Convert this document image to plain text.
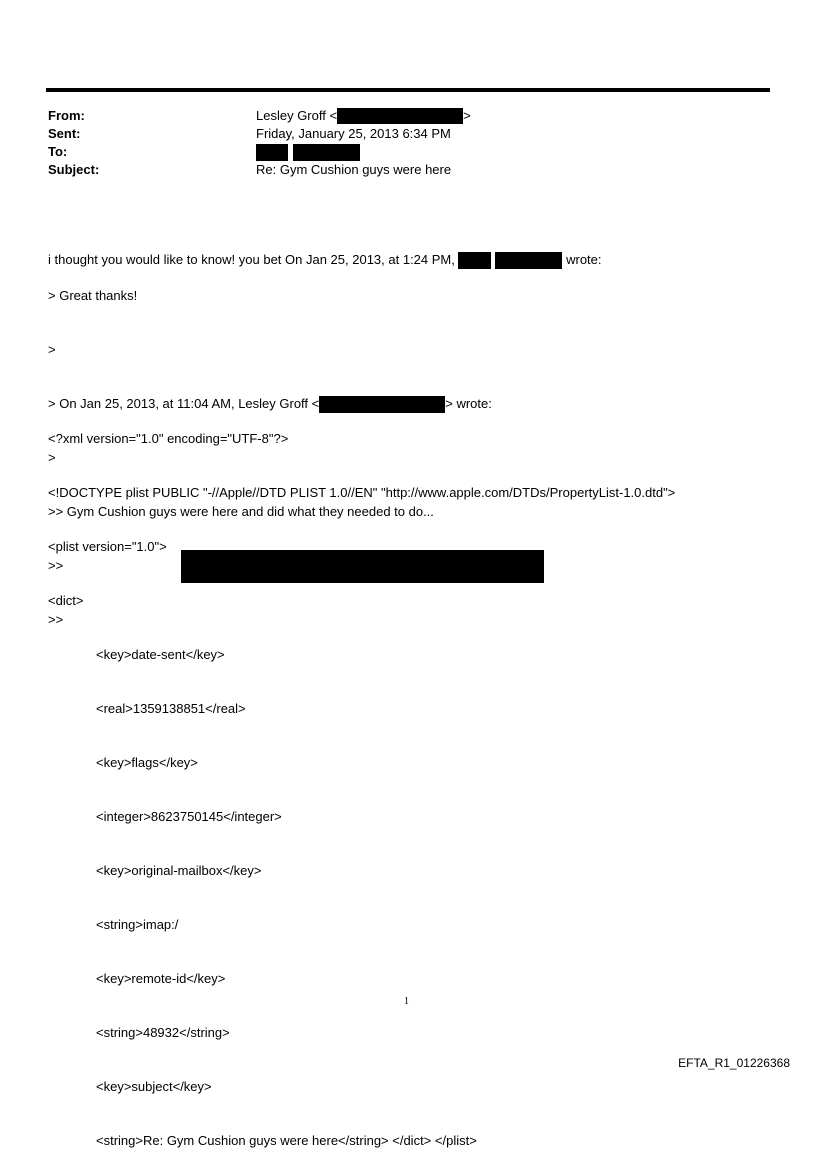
From:	Lesley Groff <	>
Sent:	Friday, January 25, 2013 6:34 PM
To:
Subject:	Re: Gym Cushion guys were here

i thought you would like to know! you bet On Jan 25, 2013, at 1:24 PM,	wrote:

> Great thanks!

>

> On Jan 25, 2013, at 11:04 AM, Lesley Groff <	> wrote:

>

>> Gym Cushion guys were here and did what they needed to do...

>>

>>

<?xml version="1.0" encoding="UTF-8"?>

<!DOCTYPE plist PUBLIC "-//Apple//DTD PLIST 1.0//EN" "http://www.apple.com/DTDs/PropertyList-1.0.dtd">

<plist version="1.0">

<dict>

<key>date-sent</key>

<real>1359138851</real>

<key>flags</key>

<integer>8623750145</integer>

<key>original-mailbox</key>

<string>imap:/

<key>remote-id</key>

<string>48932</string>

<key>subject</key>

<string>Re: Gym Cushion guys were here</string> </dict> </plist>

1
EFTA_R1_01226368
